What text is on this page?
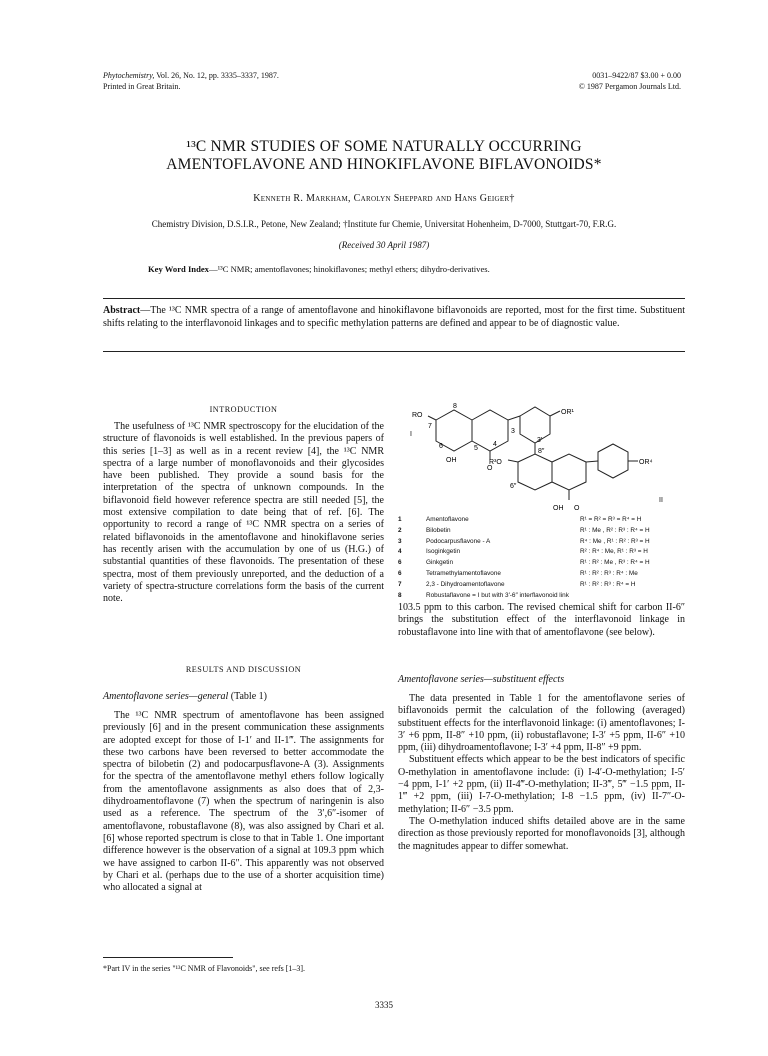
Phytochemistry, Vol. 26, No. 12, pp. 3335–3337, 1987.
Printed in Great Britain.
0031–9422/87 $3.00 + 0.00
© 1987 Pergamon Journals Ltd.
¹³C NMR STUDIES OF SOME NATURALLY OCCURRING
AMENTOFLAVONE AND HINOKIFLAVONE BIFLAVONOIDS*
Kenneth R. Markham, Carolyn Sheppard and Hans Geiger†
Chemistry Division, D.S.I.R., Petone, New Zealand; †Institute fur Chemie, Universitat Hohenheim, D-7000, Stuttgart-70, F.R.G.
(Received 30 April 1987)
Key Word Index—¹³C NMR; amentoflavones; hinokiflavones; methyl ethers; dihydro-derivatives.
Abstract—The ¹³C NMR spectra of a range of amentoflavone and hinokiflavone biflavonoids are reported, most for the first time. Substituent shifts relating to the interflavonoid linkages and to specific methylation patterns are defined and appear to be of diagnostic value.
INTRODUCTION

The usefulness of ¹³C NMR spectroscopy for the elucidation of the structure of flavonoids is well established. In the previous papers of this series [1–3] as well as in a recent review [4], the ¹³C NMR spectra of a large number of monoflavonoids and their glycosides have been published. They provide a sound basis for the interpretation of the spectra of unknown compounds. In the biflavonoid field however reference spectra are still needed [5], the most extensive compilation to date being that of ref. [6]. The opportunity to record a range of ¹³C NMR spectra on a series of related biflavonoids in the amentoflavone and hinokiflavone series has recently arisen with the accumulation by one of us (H.G.) of substantial quantities of these flavonoids. The presentation of these spectra, most of them previously unreported, and the deduction of a variety of spectra-structure correlations form the basis of the current note.

RESULTS AND DISCUSSION

Amentoflavone series—general (Table 1)

The ¹³C NMR spectrum of amentoflavone has been assigned previously [6] and in the present communication these assignments are adopted except for those of I-1′ and II-1‴. The assignments for these two carbons have been reversed to better accommodate the spectra of bilobetin (2) and podocarpusflavone-A (3). Assignments for the spectra of the amentoflavone methyl ethers follow logically from the amentoflavone assignments as also does that of 2,3-dihydroamentoflavone (7) when the spectrum of naringenin is also used as a reference. The spectrum of the 3′,6″-isomer of amentoflavone, robustaflavone (8), was also assigned by Chari et al. [6] whose reported spectrum is close to that in Table 1. One important difference however is the observation of a signal at 109.3 ppm which we have assigned to carbon II-6″. This apparently was not observed by Chari et al. (perhaps due to the use of a shorter acquisition time) who allocated a signal at

*Part IV in the series "¹³C NMR of Flavonoids", see refs [1–3].
I
II
RO	OR¹
R³O	OR⁴
OH
O
OH O
3
4
5
6
7
8
8″
6″
3′
1	Amentoflavone	R¹ = R² = R³ = R⁴ = H
2	Bilobetin	R¹ : Me , R² : R³ : R⁴ = H
3	Podocarpusflavone - A	R⁴ : Me , R¹ : R² : R³ = H
4	Isoginkgetin	R² : R⁴ : Me, R¹ : R³ = H
6	Ginkgetin	R¹ : R² : Me , R³ : R⁴ = H
6	Tetramethylamentoflavone	R¹ : R² : R³ : R⁴ : Me
7	2,3 - Dihydroamentoflavone	R¹ : R² : R³ : R⁴ = H
8	Robustaflavone = I but with 3′-6″ interflavonoid link

103.5 ppm to this carbon. The revised chemical shift for carbon II-6″ brings the substitution effect of the interflavonoid linkage in robustaflavone into line with that of amentoflavone (see below).

Amentoflavone series—substituent effects

The data presented in Table 1 for the amentoflavone series of biflavonoids permit the calculation of the following (averaged) substituent effects for the interflavonoid linkage: (i) amentoflavones; I-3′ +6 ppm, II-8″ +10 ppm, (ii) robustaflavone; I-3′ +5 ppm, II-6″ +10 ppm, (iii) dihydroamentoflavone; I-3′ +4 ppm, II-8″ +9 ppm.

Substituent effects which appear to be the best indicators of specific O-methylation in amentoflavone include: (i) I-4′-O-methylation; I-5′ −4 ppm, I-1′ +2 ppm, (ii) II-4‴-O-methylation; II-3‴, 5‴ −1.5 ppm, II-1‴ +2 ppm, (iii) I-7-O-methylation; I-8 −1.5 ppm, (iv) II-7″-O-methylation; II-6″ −3.5 ppm.

The O-methylation induced shifts detailed above are in the same direction as those previously reported for monoflavonoids [3], although the magnitudes appear to differ somewhat.

3335
